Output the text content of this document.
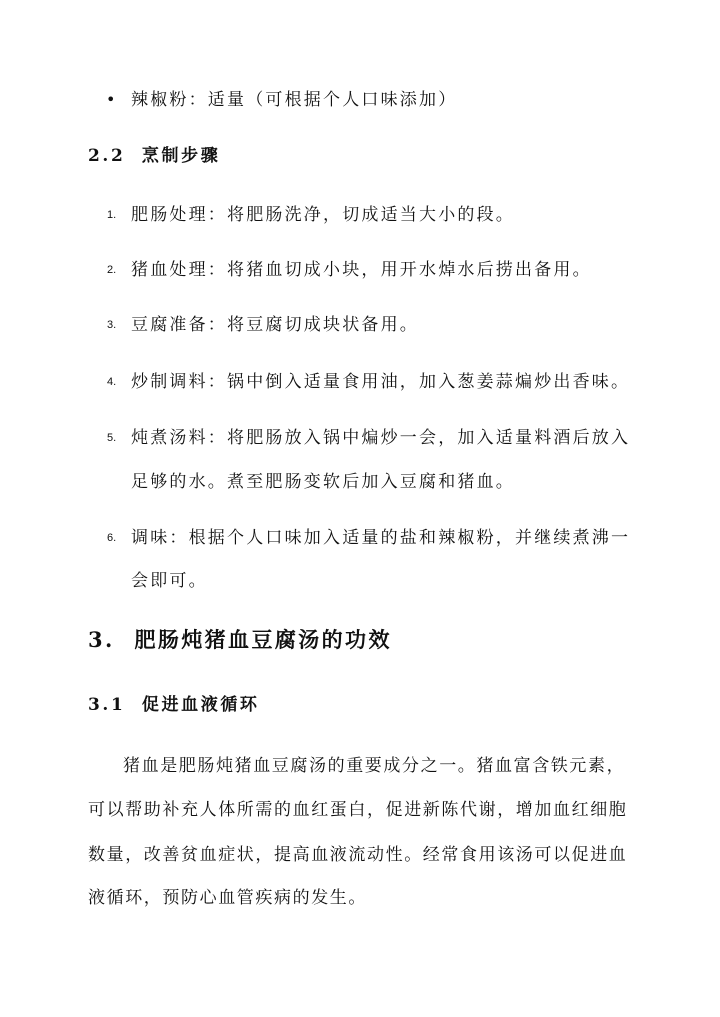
• 辣椒粉：适量（可根据个人口味添加）
2.2 烹制步骤
1. 肥肠处理：将肥肠洗净，切成适当大小的段。
2. 猪血处理：将猪血切成小块，用开水焯水后捞出备用。
3. 豆腐准备：将豆腐切成块状备用。
4. 炒制调料：锅中倒入适量食用油，加入葱姜蒜煸炒出香味。
5. 炖煮汤料：将肥肠放入锅中煸炒一会，加入适量料酒后放入
足够的水。煮至肥肠变软后加入豆腐和猪血。
6. 调味：根据个人口味加入适量的盐和辣椒粉，并继续煮沸一
会即可。
3. 肥肠炖猪血豆腐汤的功效
3.1 促进血液循环
猪血是肥肠炖猪血豆腐汤的重要成分之一。猪血富含铁元素，
可以帮助补充人体所需的血红蛋白，促进新陈代谢，增加血红细胞
数量，改善贫血症状，提高血液流动性。经常食用该汤可以促进血
液循环，预防心血管疾病的发生。
